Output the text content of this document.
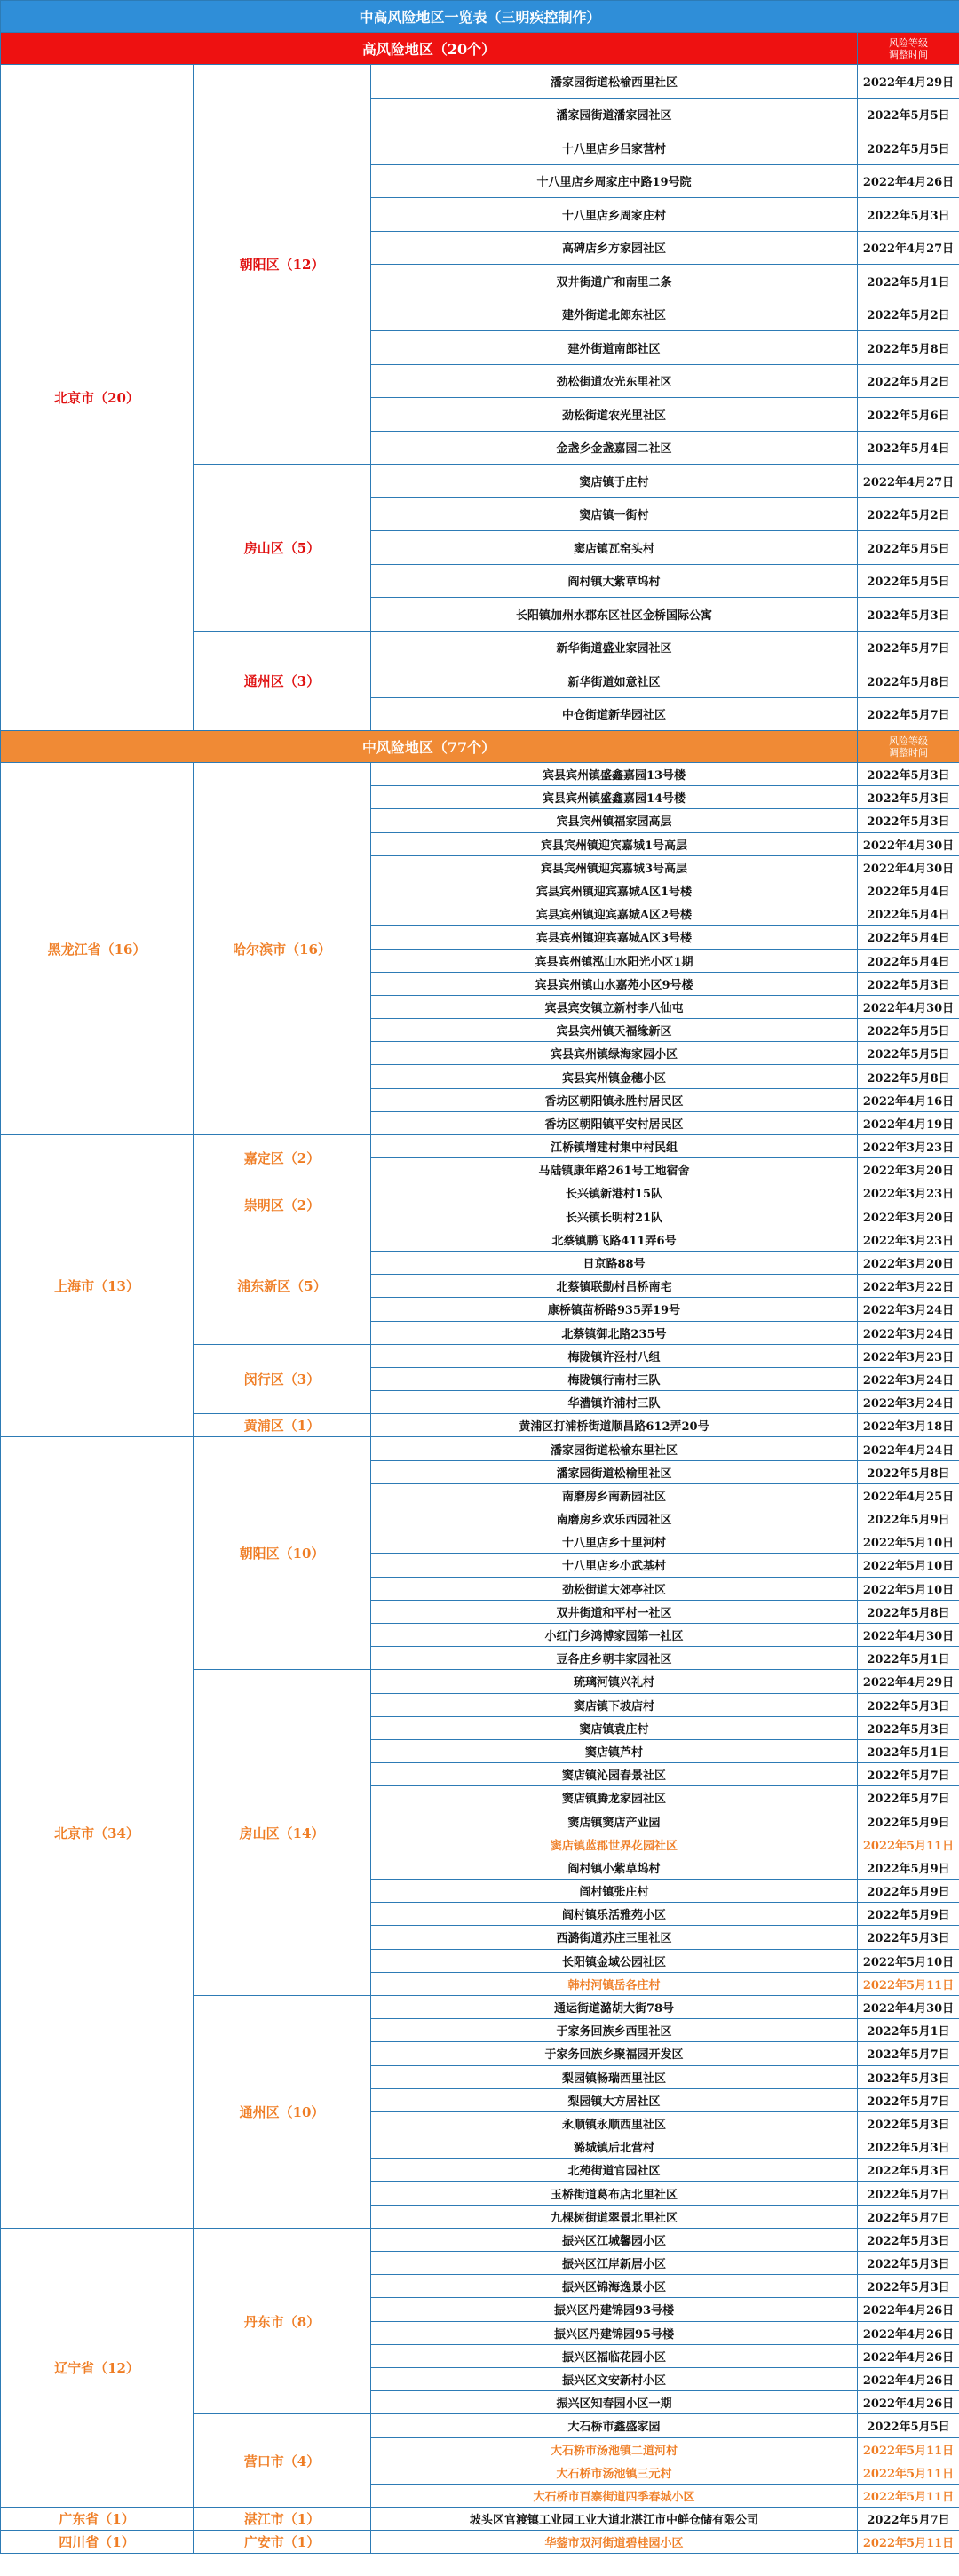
中高风险地区一览表（三明疾控制作）			
高风险地区（20个）			风险等级
调整时间
北京市（20）	朝阳区（12）	潘家园街道松榆西里社区	2022年4月29日
		潘家园街道潘家园社区	2022年5月5日
		十八里店乡吕家营村	2022年5月5日
		十八里店乡周家庄中路19号院	2022年4月26日
		十八里店乡周家庄村	2022年5月3日
		高碑店乡方家园社区	2022年4月27日
		双井街道广和南里二条	2022年5月1日
		建外街道北郎东社区	2022年5月2日
		建外街道南郎社区	2022年5月8日
		劲松街道农光东里社区	2022年5月2日
		劲松街道农光里社区	2022年5月6日
		金盏乡金盏嘉园二社区	2022年5月4日
	房山区（5）	窦店镇于庄村	2022年4月27日
		窦店镇一街村	2022年5月2日
		窦店镇瓦窑头村	2022年5月5日
		阎村镇大紫草坞村	2022年5月5日
		长阳镇加州水郡东区社区金桥国际公寓	2022年5月3日
	通州区（3）	新华街道盛业家园社区	2022年5月7日
		新华街道如意社区	2022年5月8日
		中仓街道新华园社区	2022年5月7日
中风险地区（77个）			风险等级
调整时间
黑龙江省（16）	哈尔滨市（16）	宾县宾州镇盛鑫嘉园13号楼	2022年5月3日
		宾县宾州镇盛鑫嘉园14号楼	2022年5月3日
		宾县宾州镇福家园高层	2022年5月3日
		宾县宾州镇迎宾嘉城1号高层	2022年4月30日
		宾县宾州镇迎宾嘉城3号高层	2022年4月30日
		宾县宾州镇迎宾嘉城A区1号楼	2022年5月4日
		宾县宾州镇迎宾嘉城A区2号楼	2022年5月4日
		宾县宾州镇迎宾嘉城A区3号楼	2022年5月4日
		宾县宾州镇泓山水阳光小区1期	2022年5月4日
		宾县宾州镇山水嘉苑小区9号楼	2022年5月3日
		宾县宾安镇立新村李八仙屯	2022年4月30日
		宾县宾州镇天福缘新区	2022年5月5日
		宾县宾州镇绿海家园小区	2022年5月5日
		宾县宾州镇金穗小区	2022年5月8日
		香坊区朝阳镇永胜村居民区	2022年4月16日
		香坊区朝阳镇平安村居民区	2022年4月19日
上海市（13）	嘉定区（2）	江桥镇增建村集中村民组	2022年3月23日
		马陆镇康年路261号工地宿舍	2022年3月20日
	崇明区（2）	长兴镇新港村15队	2022年3月23日
		长兴镇长明村21队	2022年3月20日
	浦东新区（5）	北蔡镇鹏飞路411弄6号	2022年3月23日
		日京路88号	2022年3月20日
		北蔡镇联勤村吕桥南宅	2022年3月22日
		康桥镇苗桥路935弄19号	2022年3月24日
		北蔡镇御北路235号	2022年3月24日
	闵行区（3）	梅陇镇许泾村八组	2022年3月23日
		梅陇镇行南村三队	2022年3月24日
		华漕镇许浦村三队	2022年3月24日
	黄浦区（1）	黄浦区打浦桥街道顺昌路612弄20号	2022年3月18日
北京市（34）	朝阳区（10）	潘家园街道松榆东里社区	2022年4月24日
		潘家园街道松榆里社区	2022年5月8日
		南磨房乡南新园社区	2022年4月25日
		南磨房乡欢乐西园社区	2022年5月9日
		十八里店乡十里河村	2022年5月10日
		十八里店乡小武基村	2022年5月10日
		劲松街道大郊亭社区	2022年5月10日
		双井街道和平村一社区	2022年5月8日
		小红门乡鸿博家园第一社区	2022年4月30日
		豆各庄乡朝丰家园社区	2022年5月1日
	房山区（14）	琉璃河镇兴礼村	2022年4月29日
		窦店镇下坡店村	2022年5月3日
		窦店镇袁庄村	2022年5月3日
		窦店镇芦村	2022年5月1日
		窦店镇沁园春景社区	2022年5月7日
		窦店镇腾龙家园社区	2022年5月7日
		窦店镇窦店产业园	2022年5月9日
		窦店镇蓝郡世界花园社区	2022年5月11日
		阎村镇小紫草坞村	2022年5月9日
		阎村镇张庄村	2022年5月9日
		阎村镇乐活雅苑小区	2022年5月9日
		西潞街道苏庄三里社区	2022年5月3日
		长阳镇金域公园社区	2022年5月10日
		韩村河镇岳各庄村	2022年5月11日
	通州区（10）	通运街道潞胡大街78号	2022年4月30日
		于家务回族乡西里社区	2022年5月1日
		于家务回族乡聚福园开发区	2022年5月7日
		梨园镇畅瑞西里社区	2022年5月3日
		梨园镇大方居社区	2022年5月7日
		永顺镇永顺西里社区	2022年5月3日
		潞城镇后北营村	2022年5月3日
		北苑街道官园社区	2022年5月3日
		玉桥街道葛布店北里社区	2022年5月7日
		九棵树街道翠景北里社区	2022年5月7日
辽宁省（12）	丹东市（8）	振兴区江城馨园小区	2022年5月3日
		振兴区江岸新居小区	2022年5月3日
		振兴区锦海逸景小区	2022年5月3日
		振兴区丹建锦园93号楼	2022年4月26日
		振兴区丹建锦园95号楼	2022年4月26日
		振兴区福临花园小区	2022年4月26日
		振兴区文安新村小区	2022年4月26日
		振兴区知春园小区一期	2022年4月26日
	营口市（4）	大石桥市鑫盛家园	2022年5月5日
		大石桥市汤池镇二道河村	2022年5月11日
		大石桥市汤池镇三元村	2022年5月11日
		大石桥市百寨街道四季春城小区	2022年5月11日
广东省（1）	湛江市（1）	坡头区官渡镇工业园工业大道北湛江市中鲜仓储有限公司	2022年5月7日
四川省（1）	广安市（1）	华蓥市双河街道碧桂园小区	2022年5月11日
